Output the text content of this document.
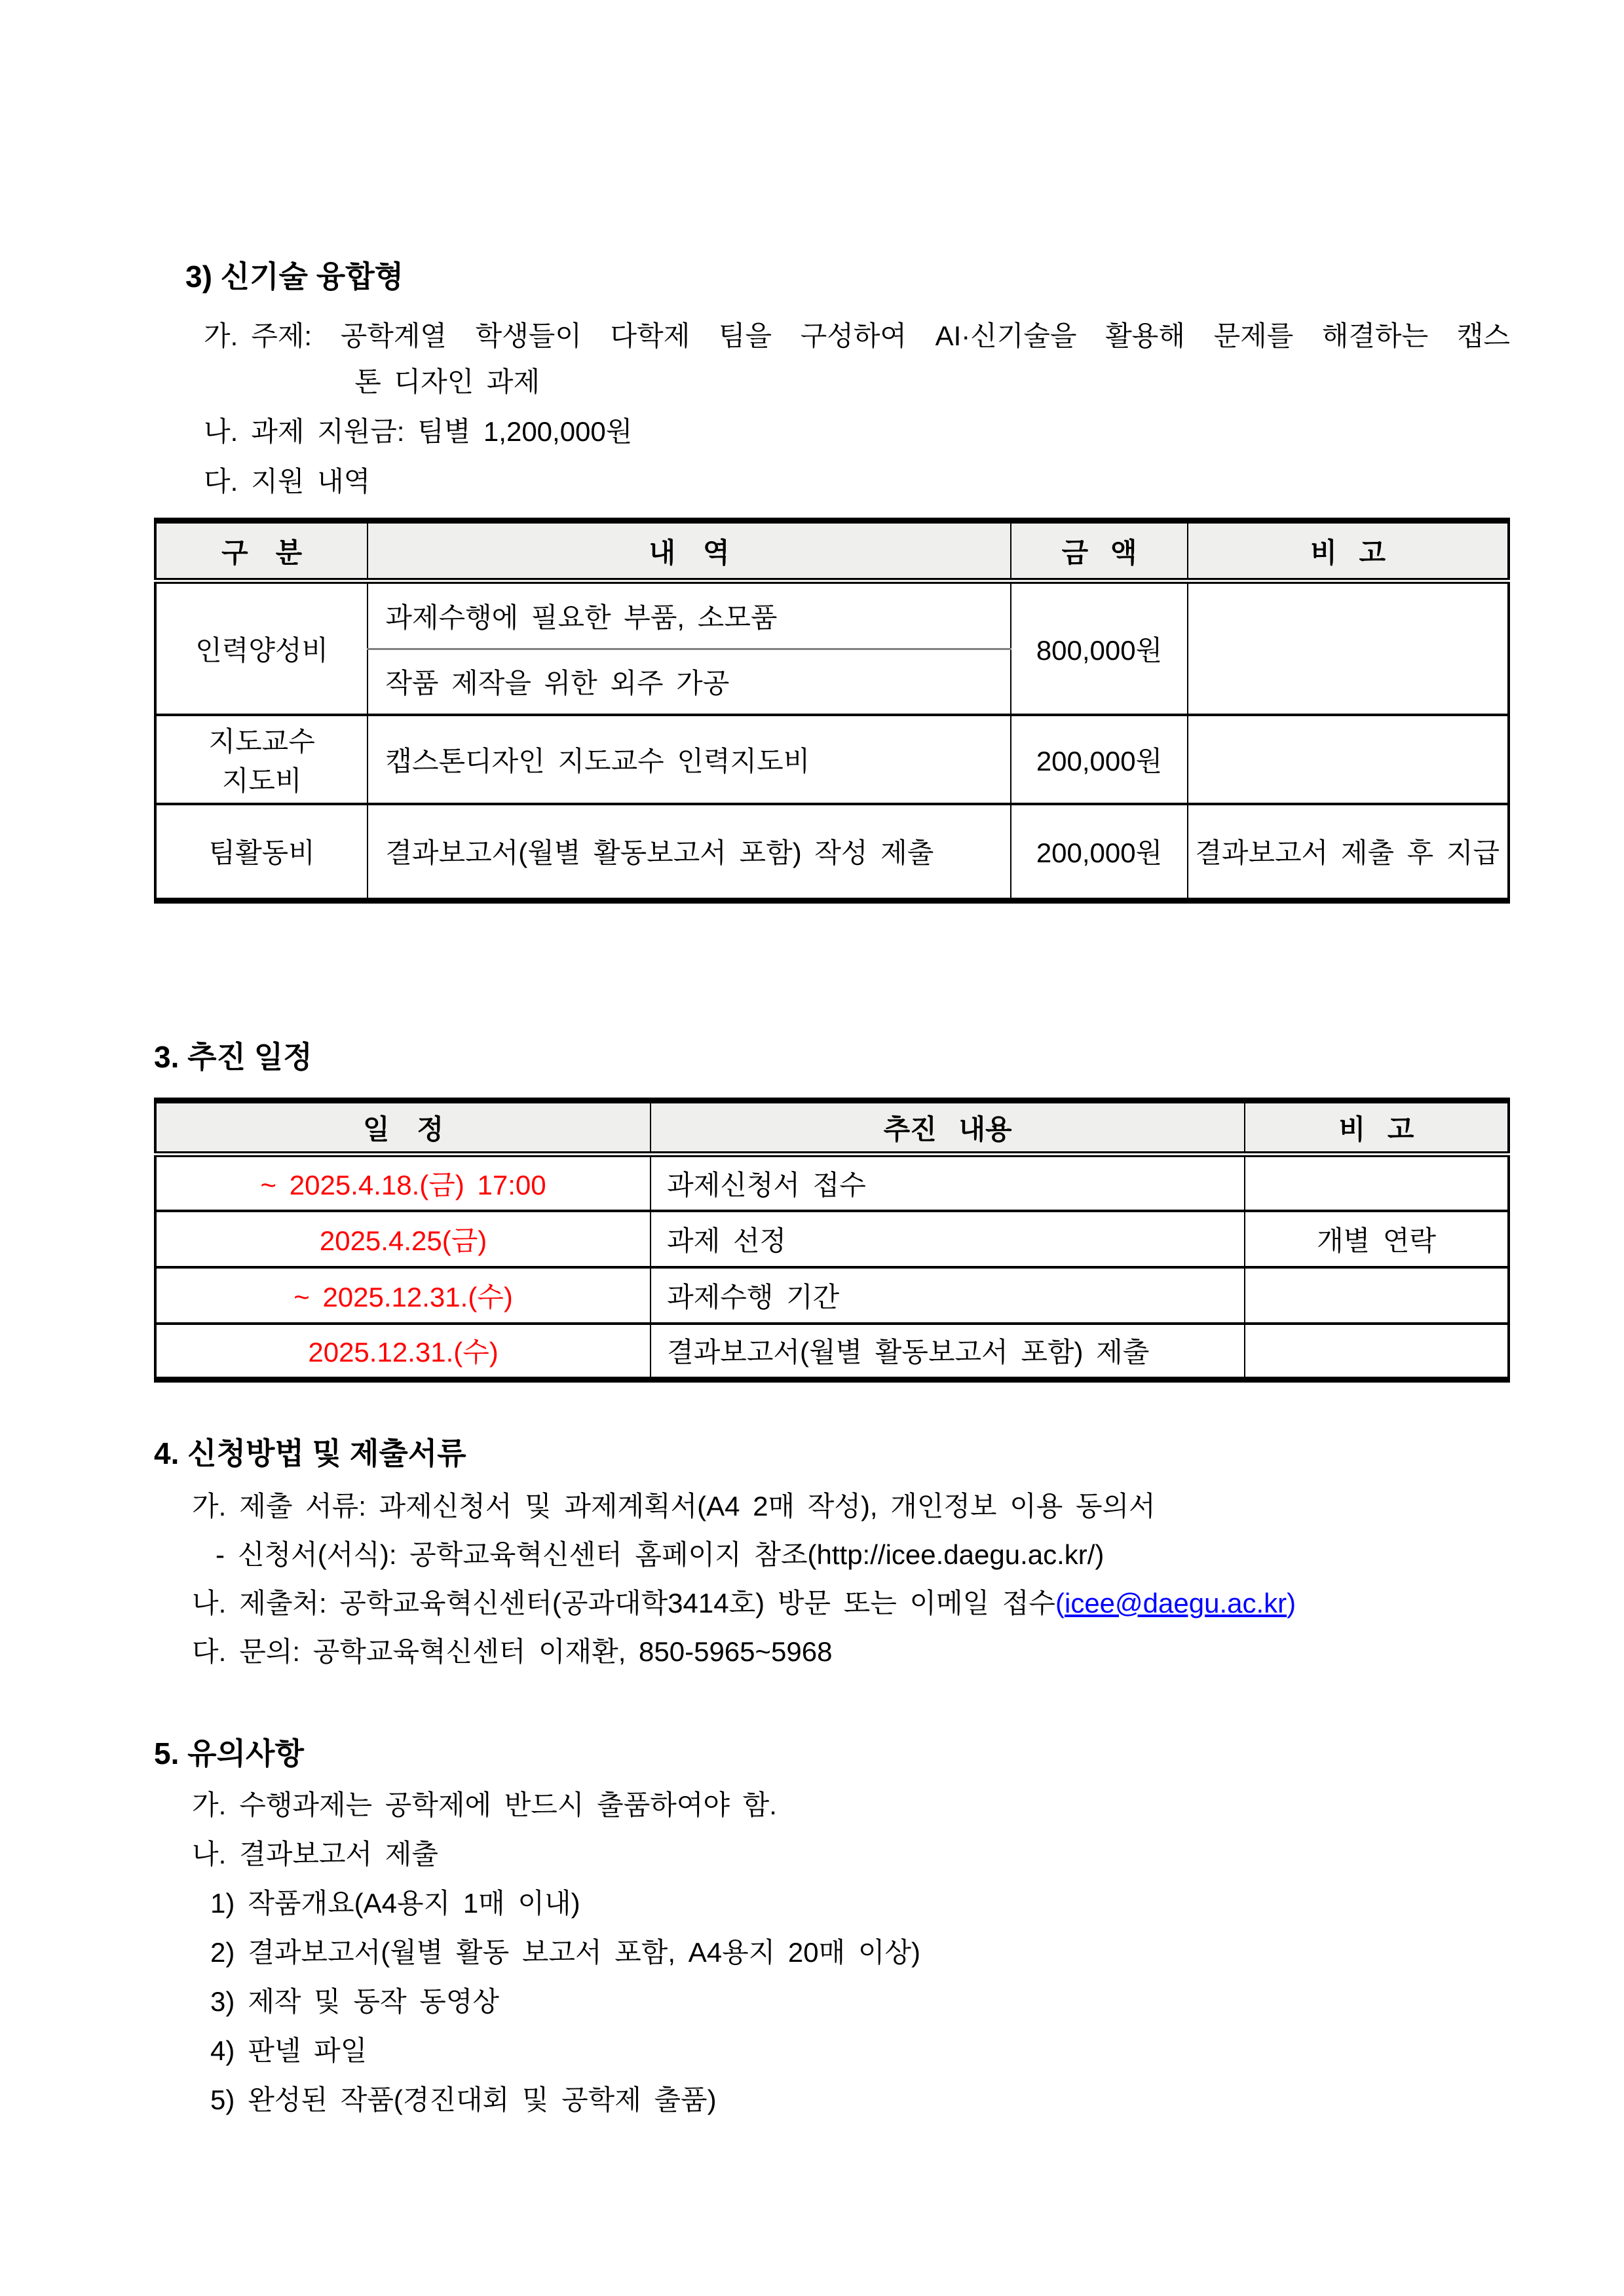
3) 신기술 융합형
가. 주제: 공학계열 학생들이 다학제 팀을 구성하여 AI·신기술을 활용해 문제를 해결하는 캡스
톤 디자인 과제
나. 과제 지원금: 팀별 1,200,000원
다. 지원 내역
구　분	내　역	금 액	비 고
인력양성비	과제수행에 필요한 부품, 소모품	800,000원	
	작품 제작을 위한 외주 가공		

지도교수
지도비	캡스톤디자인 지도교수 인력지도비	200,000원	
팀활동비	결과보고서(월별 활동보고서 포함) 작성 제출	200,000원	결과보고서 제출 후 지급
3. 추진 일정
일　정	추진 내용	비 고
~ 2025.4.18.(금) 17:00	과제신청서 접수	
2025.4.25(금)	과제 선정	개별 연락
~ 2025.12.31.(수)	과제수행 기간	
2025.12.31.(수)	결과보고서(월별 활동보고서 포함) 제출	
4. 신청방법 및 제출서류
가. 제출 서류: 과제신청서 및 과제계획서(A4 2매 작성), 개인정보 이용 동의서
- 신청서(서식): 공학교육혁신센터 홈페이지 참조(http://icee.daegu.ac.kr/)
나. 제출처: 공학교육혁신센터(공과대학3414호) 방문 또는 이메일 접수(icee@daegu.ac.kr)
다. 문의: 공학교육혁신센터 이재환, 850-5965~5968
5. 유의사항
가. 수행과제는 공학제에 반드시 출품하여야 함.
나. 결과보고서 제출
1) 작품개요(A4용지 1매 이내)
2) 결과보고서(월별 활동 보고서 포함, A4용지 20매 이상)
3) 제작 및 동작 동영상
4) 판넬 파일
5) 완성된 작품(경진대회 및 공학제 출품)
